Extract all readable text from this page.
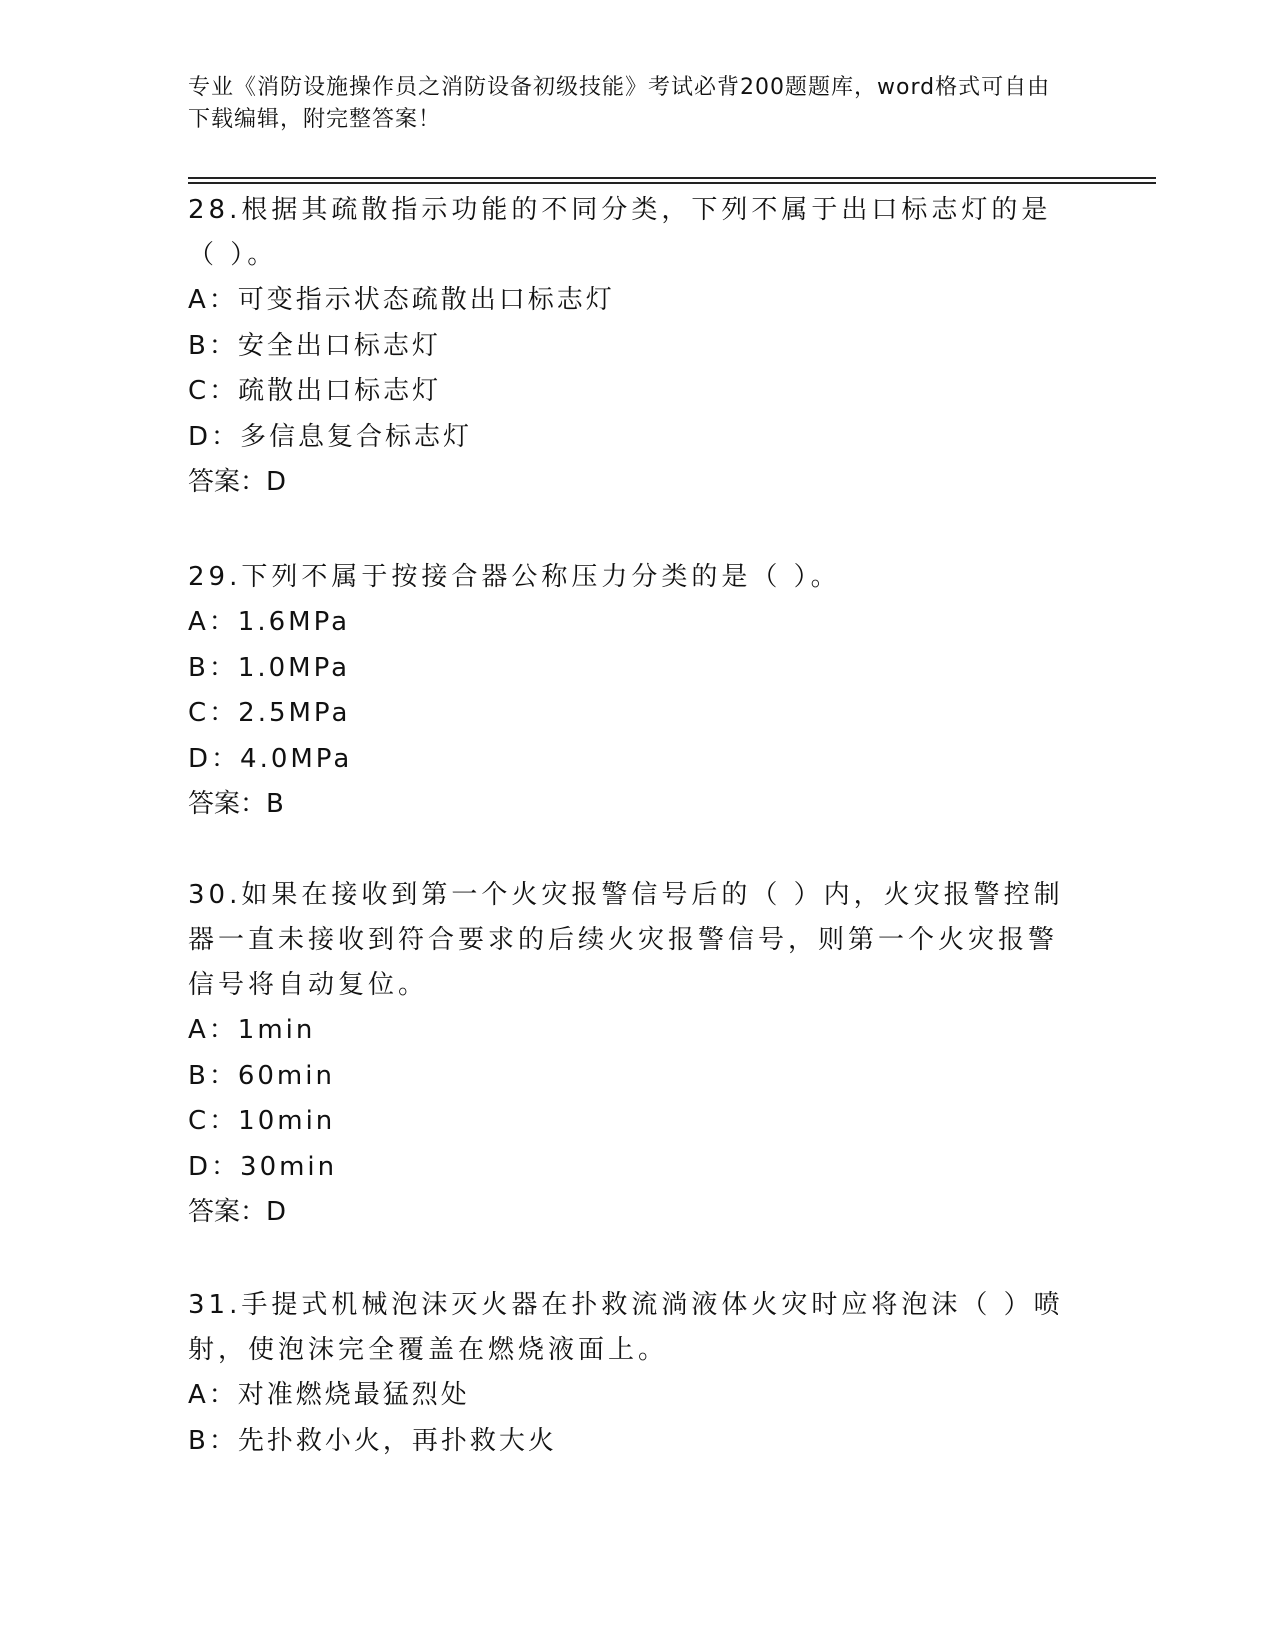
专业《消防设施操作员之消防设备初级技能》考试必背200题题库，word格式可自由下载编辑，附完整答案！

28.根据其疏散指示功能的不同分类，下列不属于出口标志灯的是（ ）。

A：可变指示状态疏散出口标志灯

B：安全出口标志灯

C：疏散出口标志灯

D：多信息复合标志灯

答案：D

29.下列不属于按接合器公称压力分类的是（ ）。

A：1.6MPa

B：1.0MPa

C：2.5MPa

D：4.0MPa

答案：B

30.如果在接收到第一个火灾报警信号后的（ ）内，火灾报警控制器一直未接收到符合要求的后续火灾报警信号，则第一个火灾报警信号将自动复位。

A：1min

B：60min

C：10min

D：30min

答案：D

31.手提式机械泡沫灭火器在扑救流淌液体火灾时应将泡沫（ ）喷射，使泡沫完全覆盖在燃烧液面上。

A：对准燃烧最猛烈处

B：先扑救小火，再扑救大火
